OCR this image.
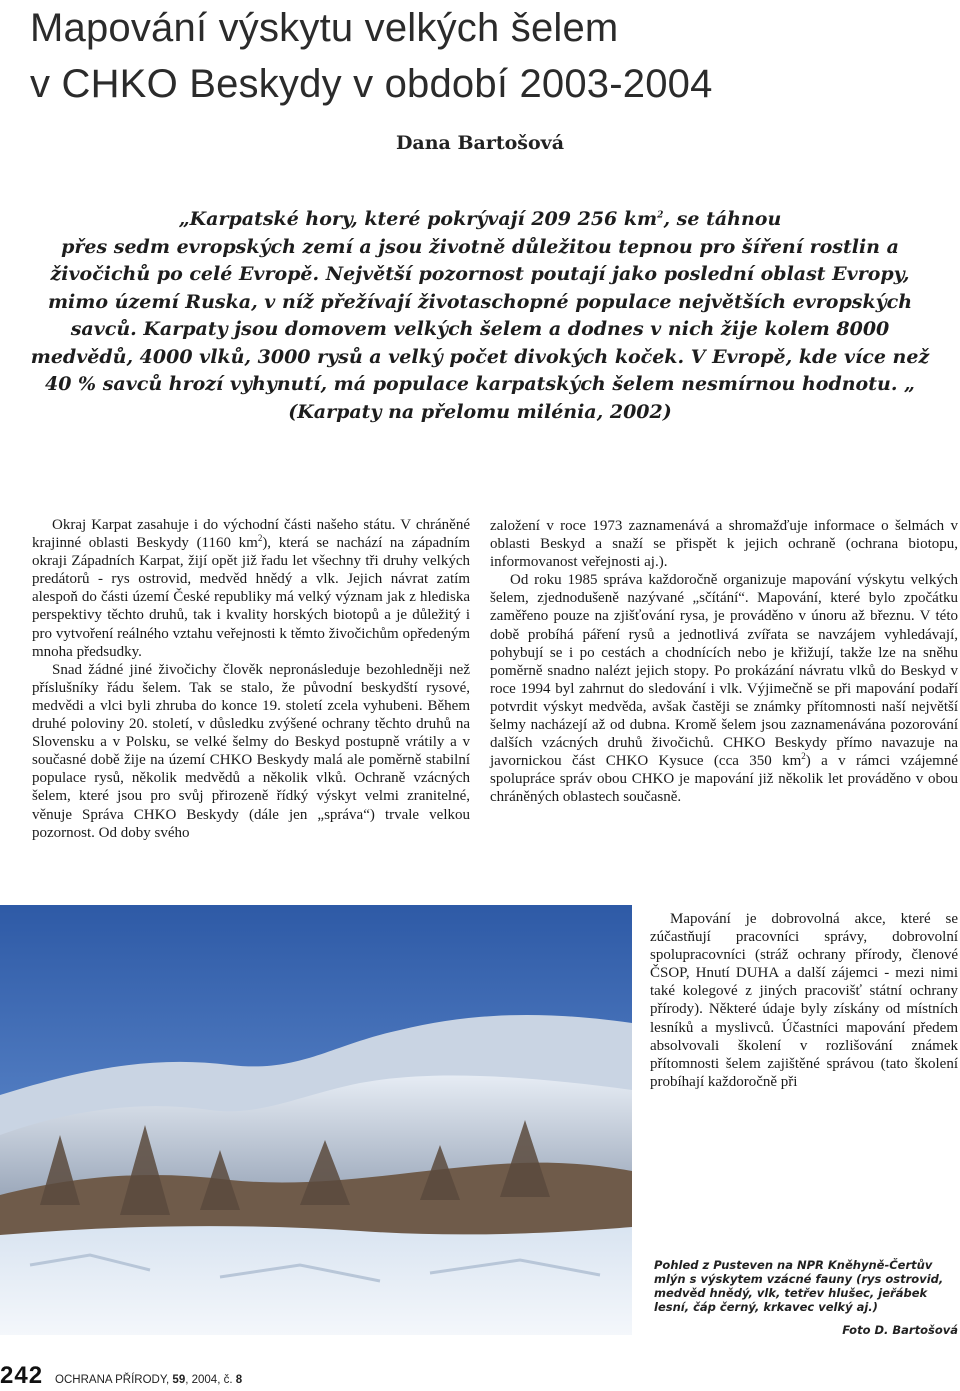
Mapování výskytu velkých šelem
v CHKO Beskydy v období 2003-2004
Dana Bartošová
„Karpatské hory, které pokrývají 209 256 $km^2$, se táhnou
přes sedm evropských zemí a jsou životně důležitou tepnou pro šíření rostlin a živočichů po celé Evropě. Největší pozornost poutají jako poslední oblast Evropy, mimo území Ruska, v níž přežívají životaschopné populace největších evropských savců. Karpaty jsou domovem velkých šelem a dodnes v nich žije kolem 8000 medvědů, 4000 vlků, 3000 rysů a velký počet divokých koček. V Evropě, kde více než 40 % savců hrozí vyhynutí, má populace karpatských šelem nesmírnou hodnotu. „ (Karpaty na přelomu milénia, 2002)

Okraj Karpat zasahuje i do východní části našeho státu. V chráněné krajinné oblasti Beskydy (1160 $km^2$), která se nachází na západním okraji Západních Karpat, žijí opět již řadu let všechny tři druhy velkých predátorů - rys ostrovid, medvěd hnědý a vlk. Jejich návrat zatím alespoň do části území České republiky má velký význam jak z hlediska perspektivy těchto druhů, tak i kvality horských biotopů a je důležitý i pro vytvoření reálného vztahu veřejnosti k těmto živočichům opředeným mnoha předsudky.

Snad žádné jiné živočichy člověk nepronásleduje bezohledněji než příslušníky řádu šelem. Tak se stalo, že původní beskydští rysové, medvědi a vlci byli zhruba do konce 19. století zcela vyhubeni. Během druhé poloviny 20. století, v důsledku zvýšené ochrany těchto druhů na Slovensku a v Polsku, se velké šelmy do Beskyd postupně vrátily a v současné době žije na území CHKO Beskydy malá ale poměrně stabilní populace rysů, několik medvědů a několik vlků. Ochraně vzácných šelem, které jsou pro svůj přirozeně řídký výskyt velmi zranitelné, věnuje Správa CHKO Beskydy (dále jen „správa“) trvale velkou pozornost. Od doby svého

založení v roce 1973 zaznamenává a shromažďuje informace o šelmách v oblasti Beskyd a snaží se přispět k jejich ochraně (ochrana biotopu, informovanost veřejnosti aj.).

Od roku 1985 správa každoročně organizuje mapování výskytu velkých šelem, zjednodušeně nazývané „sčítání“. Mapování, které bylo zpočátku zaměřeno pouze na zjišťování rysa, je prováděno v únoru až březnu. V této době probíhá páření rysů a jednotlivá zvířata se navzájem vyhledávají, pohybují se i po cestách a chodnících nebo je křižují, takže lze na sněhu poměrně snadno nalézt jejich stopy. Po prokázání návratu vlků do Beskyd v roce 1994 byl zahrnut do sledování i vlk. Výjimečně se při mapování podaří potvrdit výskyt medvěda, avšak častěji se známky přítomnosti naší největší šelmy nacházejí až od dubna. Kromě šelem jsou zaznamenávána pozorování dalších vzácných druhů živočichů. CHKO Beskydy přímo navazuje na javornickou část CHKO Kysuce (cca 350 $km^2$) a v rámci vzájemné spolupráce správ obou CHKO je mapování již několik let prováděno v obou chráněných oblastech současně.

Mapování je dobrovolná akce, které se zúčastňují pracovníci správy, dobrovolní spolupracovníci (stráž ochrany přírody, členové ČSOP, Hnutí DUHA a další zájemci - mezi nimi také kolegové z jiných pracovišť státní ochrany přírody). Některé údaje byly získány od místních lesníků a myslivců. Účastníci mapování předem absolvovali školení v rozlišování známek přítomnosti šelem zajištěné správou (tato školení probíhají každoročně při

Pohled z Pusteven na NPR Kněhyně-Čertův mlýn s výskytem vzácné fauny (rys ostrovid, medvěd hnědý, vlk, tetřev hlušec, jeřábek lesní, čáp černý, krkavec velký aj.)
Foto D. Bartošová
242 OCHRANA PŘÍRODY, 59, 2004, č. 8
